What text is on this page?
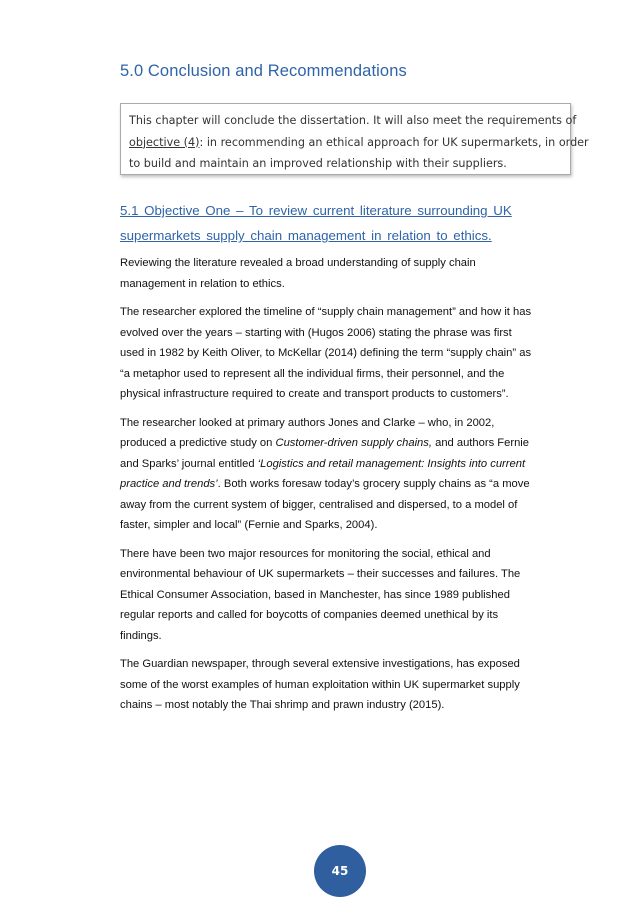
5.0 Conclusion and Recommendations
This chapter will conclude the dissertation. It will also meet the requirements of
objective (4): in recommending an ethical approach for UK supermarkets, in order
to build and maintain an improved relationship with their suppliers.
5.1 Objective One – To review current literature surrounding UK
supermarkets supply chain management in relation to ethics.

Reviewing the literature revealed a broad understanding of supply chain
management in relation to ethics.

The researcher explored the timeline of “supply chain management” and how it has
evolved over the years – starting with (Hugos 2006) stating the phrase was first
used in 1982 by Keith Oliver, to McKellar (2014) defining the term “supply chain” as
“a metaphor used to represent all the individual firms, their personnel, and the
physical infrastructure required to create and transport products to customers”.

The researcher looked at primary authors Jones and Clarke – who, in 2002,
produced a predictive study on Customer-driven supply chains, and authors Fernie
and Sparks’ journal entitled ‘Logistics and retail management: Insights into current
practice and trends’. Both works foresaw today’s grocery supply chains as “a move
away from the current system of bigger, centralised and dispersed, to a model of
faster, simpler and local” (Fernie and Sparks, 2004).

There have been two major resources for monitoring the social, ethical and
environmental behaviour of UK supermarkets – their successes and failures. The
Ethical Consumer Association, based in Manchester, has since 1989 published
regular reports and called for boycotts of companies deemed unethical by its
findings.

The Guardian newspaper, through several extensive investigations, has exposed
some of the worst examples of human exploitation within UK supermarket supply
chains – most notably the Thai shrimp and prawn industry (2015).

45
